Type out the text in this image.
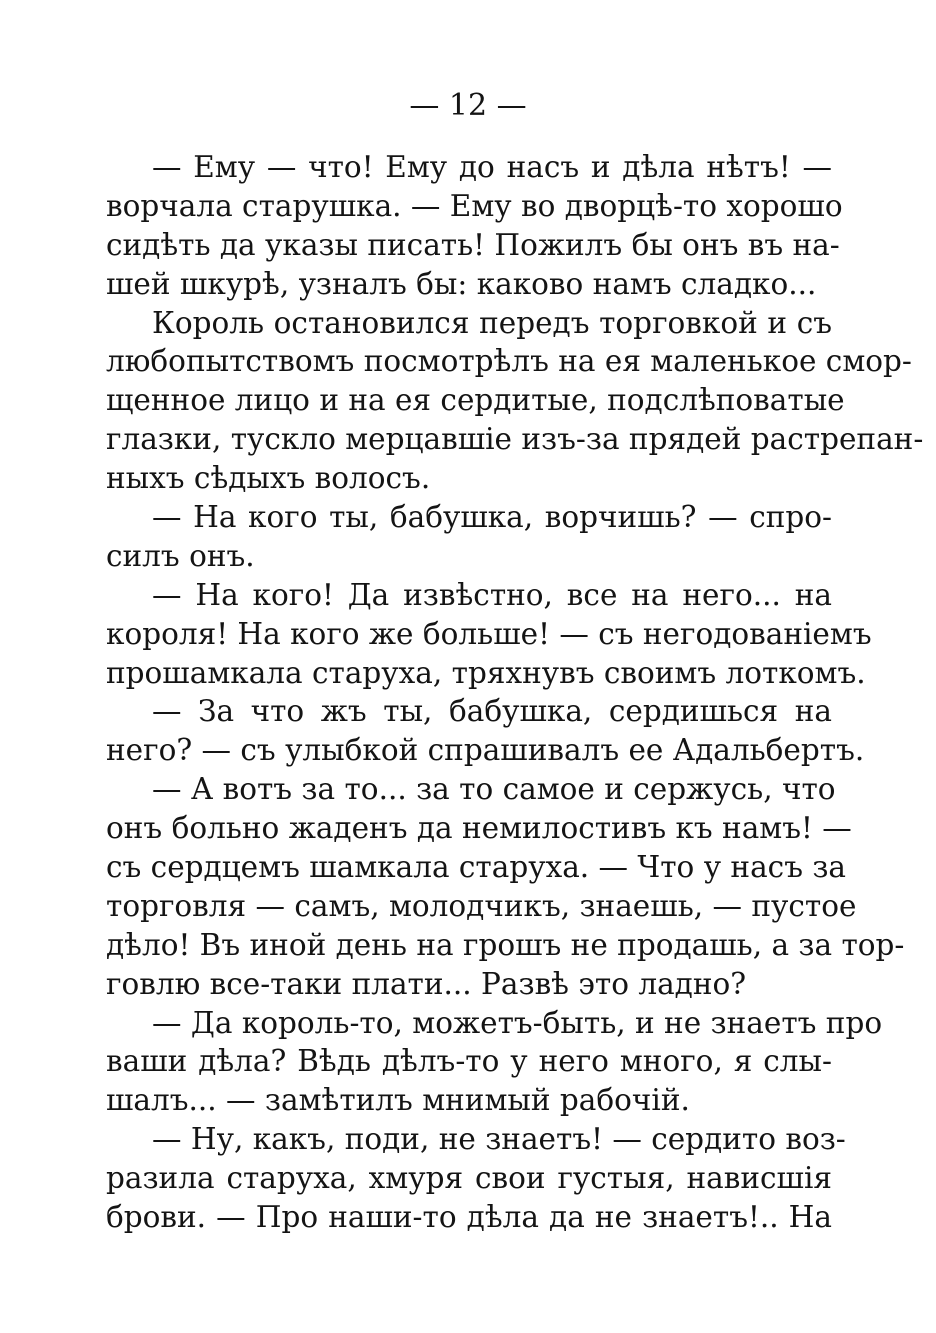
— 12 —
— Ему — что! Ему до насъ и дѣла нѣтъ! —
ворчала старушка. — Ему во дворцѣ-то хорошо
сидѣть да указы писать! Пожилъ бы онъ въ на-
шей шкурѣ, узналъ бы: каково намъ сладко...
Король остановился передъ торговкой и съ
любопытствомъ посмотрѣлъ на ея маленькое смор-
щенное лицо и на ея сердитые, подслѣповатые
глазки, тускло мерцавшіе изъ-за прядей растрепан-
ныхъ сѣдыхъ волосъ.
— На кого ты, бабушка, ворчишь? — спро-
силъ онъ.
— На кого! Да извѣстно, все на него... на
короля! На кого же больше! — съ негодованіемъ
прошамкала старуха, тряхнувъ своимъ лоткомъ.
— За что жъ ты, бабушка, сердишься на
него? — съ улыбкой спрашивалъ ее Адальбертъ.
— А вотъ за то... за то самое и сержусь, что
онъ больно жаденъ да немилостивъ къ намъ! —
съ сердцемъ шамкала старуха. — Что у насъ за
торговля — самъ, молодчикъ, знаешь, — пустое
дѣло! Въ иной день на грошъ не продашь, а за тор-
говлю все-таки плати... Развѣ это ладно?
— Да король-то, можетъ-быть, и не знаетъ про
ваши дѣла? Вѣдь дѣлъ-то у него много, я слы-
шалъ... — замѣтилъ мнимый рабочій.
— Ну, какъ, поди, не знаетъ! — сердито воз-
разила старуха, хмуря свои густыя, нависшія
брови. — Про наши-то дѣла да не знаетъ!.. На
